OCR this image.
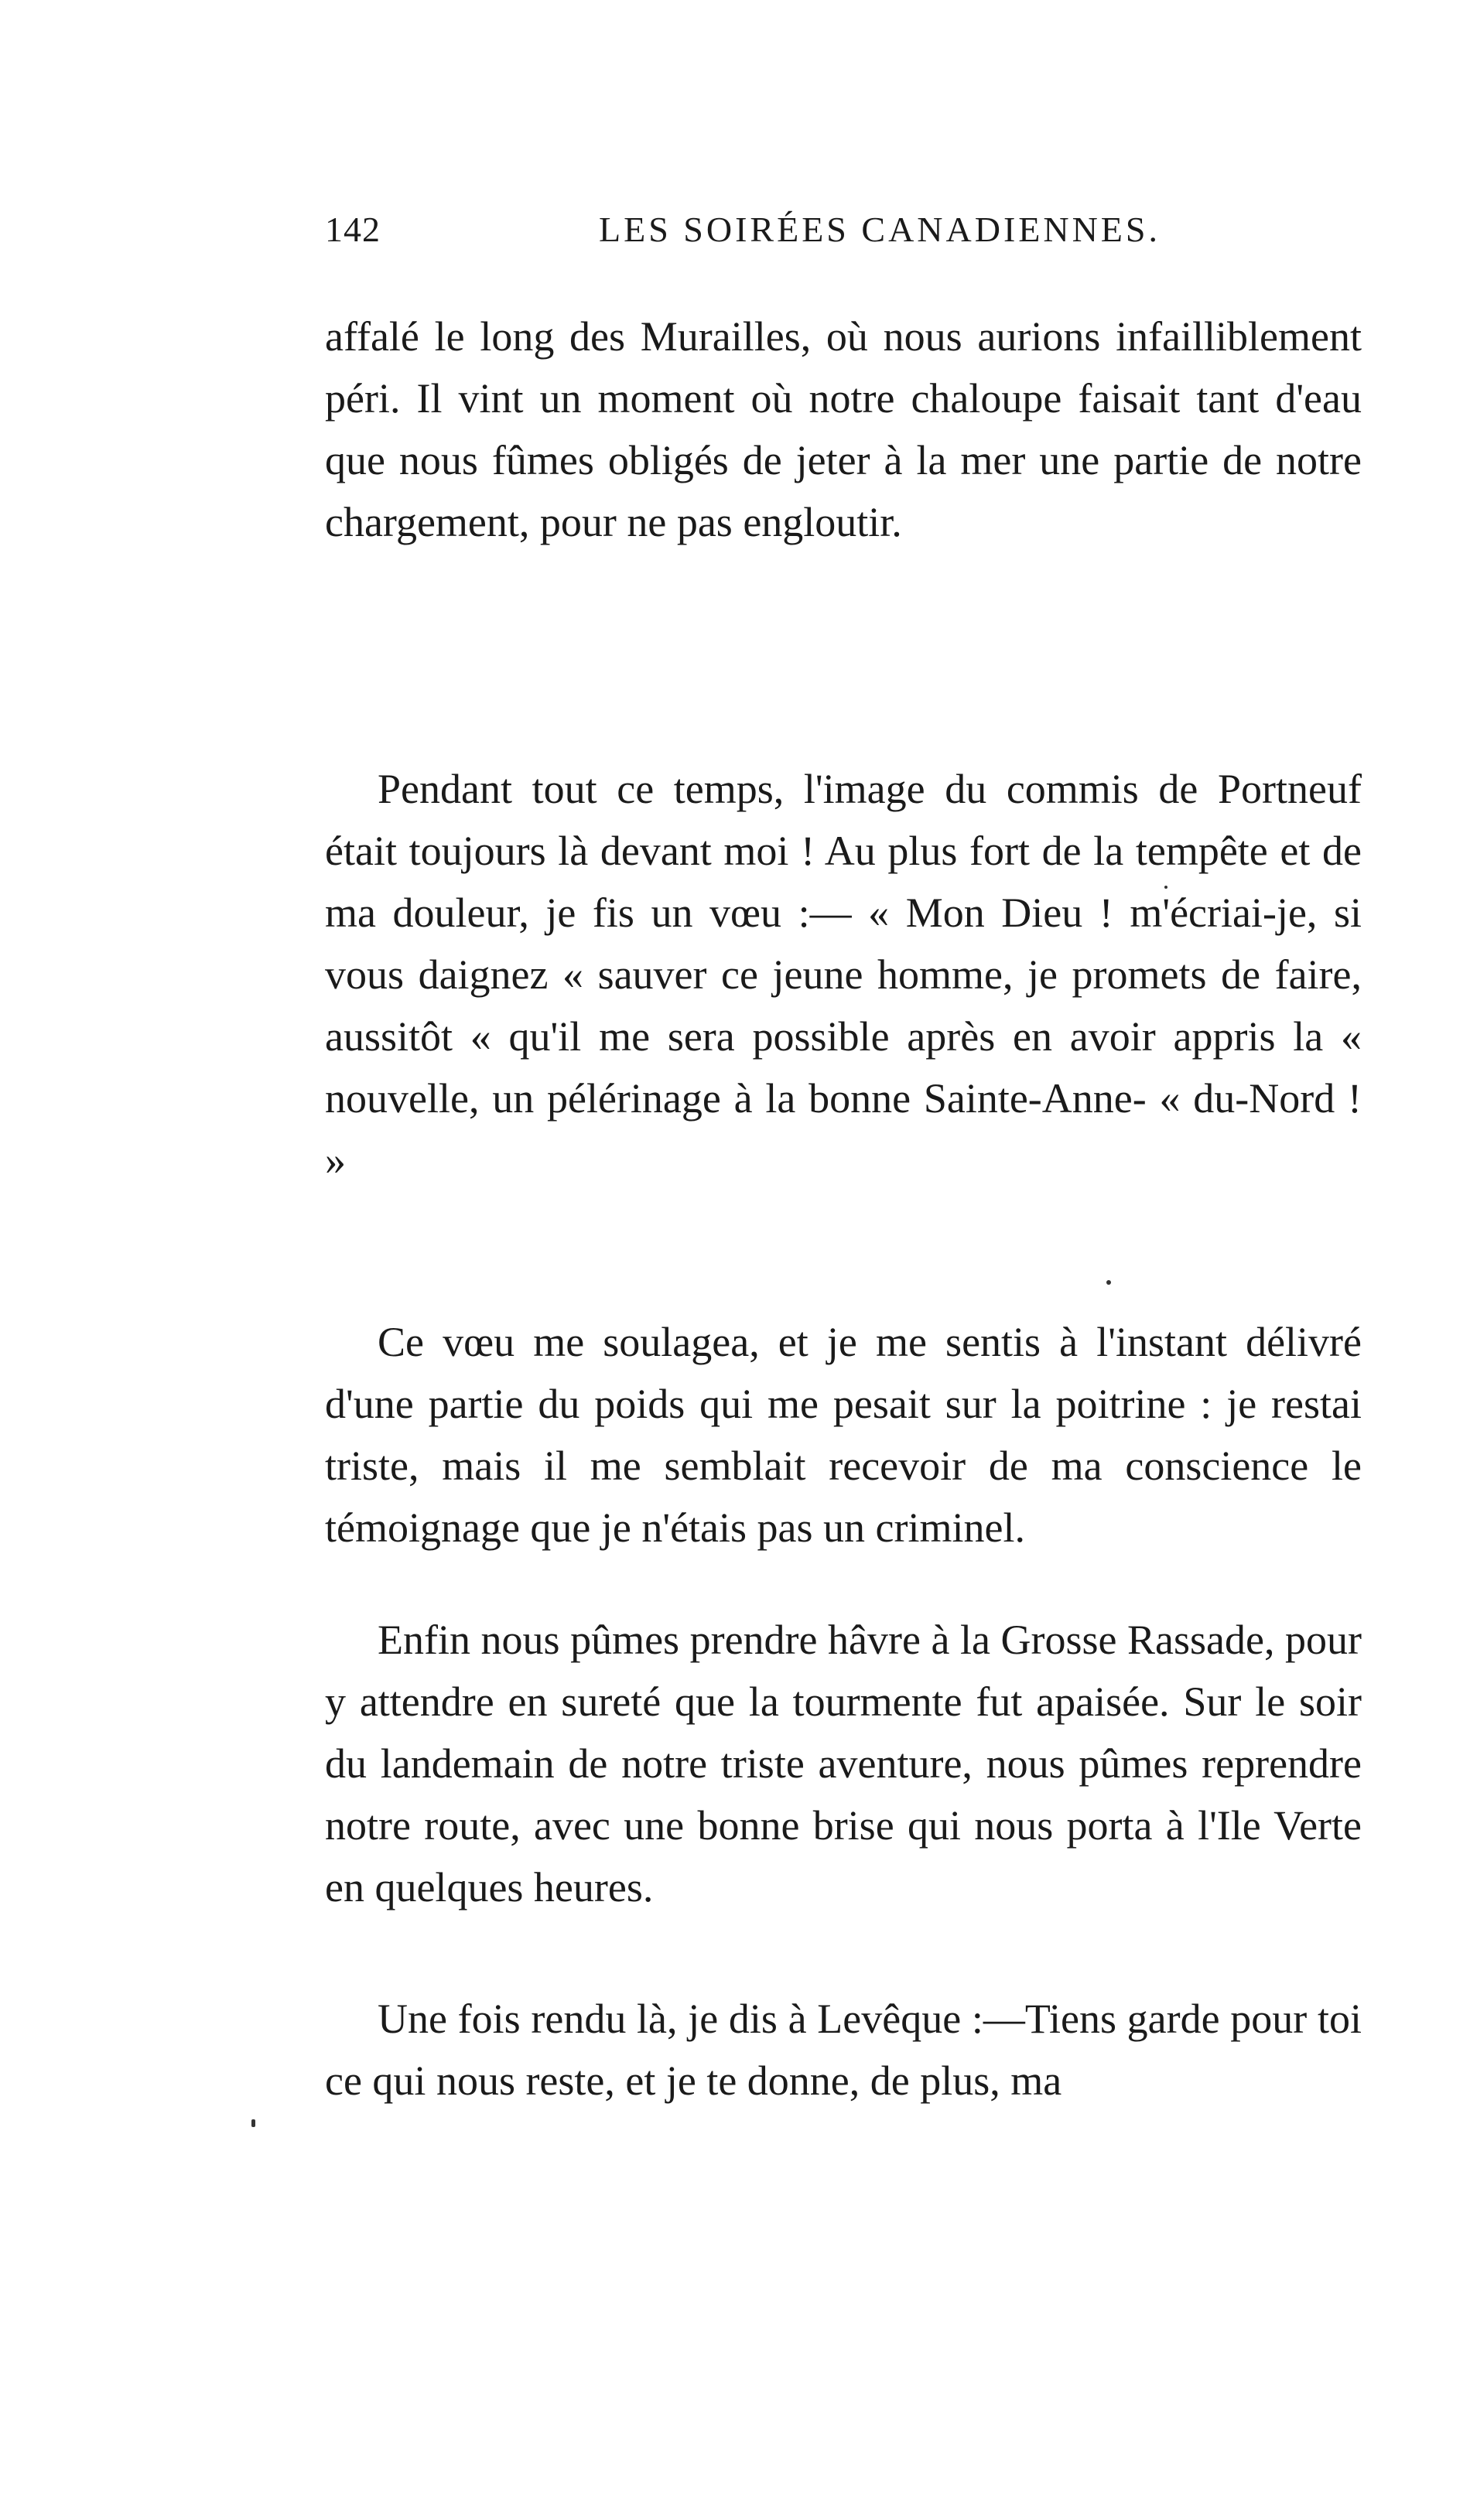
142	LES SOIRÉES CANADIENNES.

affalé le long des Murailles, où nous aurions infailliblement péri. Il vint un moment où notre chaloupe faisait tant d'eau que nous fûmes obligés de jeter à la mer une partie de notre chargement, pour ne pas engloutir.

Pendant tout ce temps, l'image du commis de Portneuf était toujours là devant moi ! Au plus fort de la tempête et de ma douleur, je fis un vœu :— « Mon Dieu ! m'écriai-je, si vous daignez « sauver ce jeune homme, je promets de faire, aussitôt « qu'il me sera possible après en avoir appris la « nouvelle, un pélérinage à la bonne Sainte-Anne- « du-Nord ! »

Ce vœu me soulagea, et je me sentis à l'instant délivré d'une partie du poids qui me pesait sur la poitrine : je restai triste, mais il me semblait recevoir de ma conscience le témoignage que je n'étais pas un criminel.

Enfin nous pûmes prendre hâvre à la Grosse Rassade, pour y attendre en sureté que la tourmente fut apaisée. Sur le soir du landemain de notre triste aventure, nous pûmes reprendre notre route, avec une bonne brise qui nous porta à l'Ile Verte en quelques heures.

Une fois rendu là, je dis à Levêque :—Tiens garde pour toi ce qui nous reste, et je te donne, de plus, ma
